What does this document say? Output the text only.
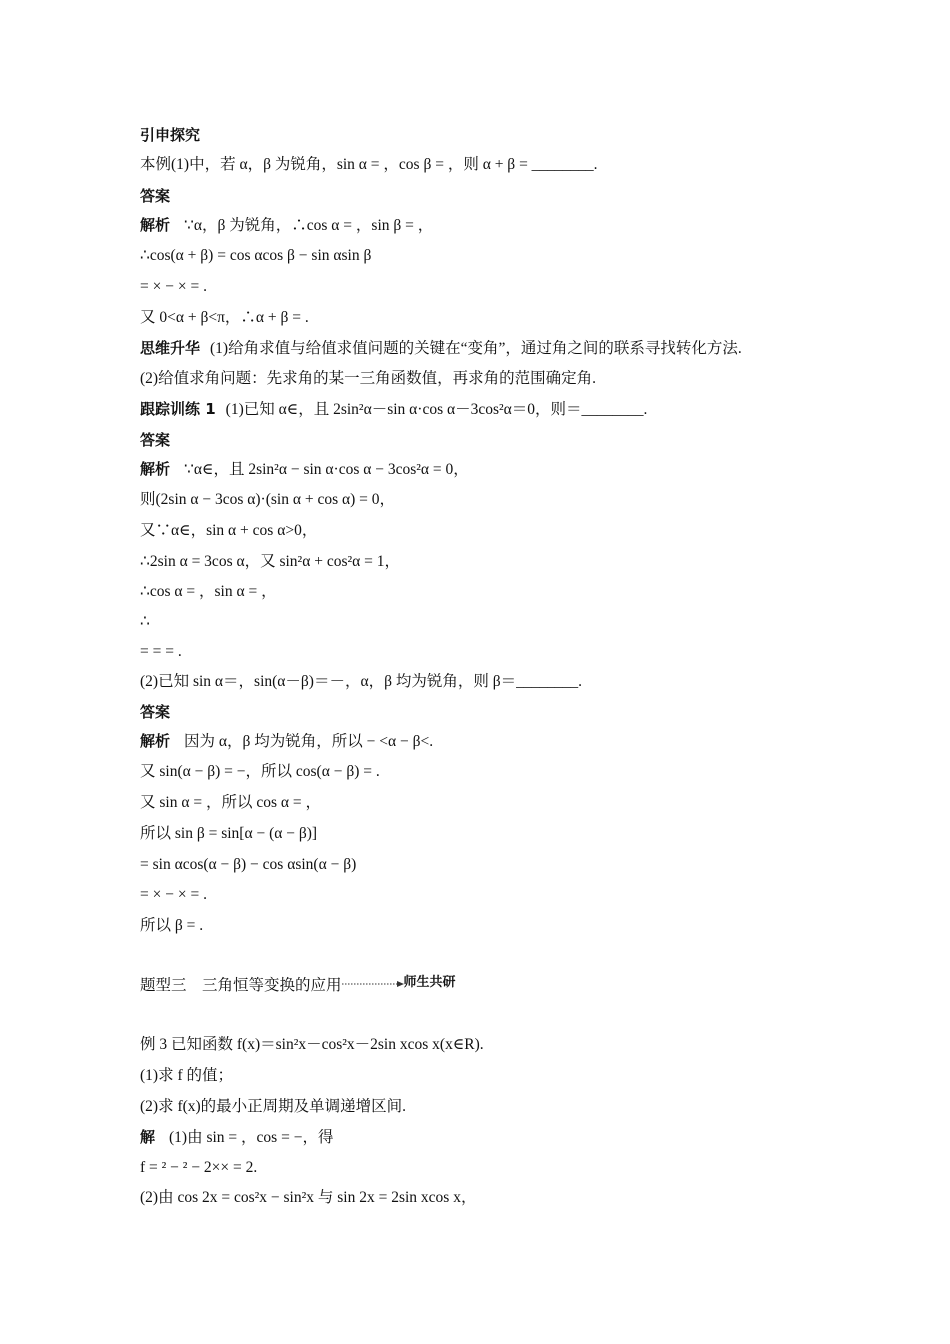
引申探究
本例(1)中，若 α，β 为锐角，sin α = ，cos β = ，则 α + β = ________.
答案
解析 ∵α，β 为锐角，∴cos α = ，sin β = ，
∴cos(α + β) = cos αcos β − sin αsin β
= × − × = .
又 0<α + β<π，∴α + β = .
思维升华 (1)给角求值与给值求值问题的关键在“变角”，通过角之间的联系寻找转化方法.
(2)给值求角问题：先求角的某一三角函数值，再求角的范围确定角.
跟踪训练 1 (1)已知 α∈，且 2sin²α－sin α·cos α－3cos²α＝0，则＝________.
答案
解析 ∵α∈，且 2sin²α − sin α·cos α − 3cos²α = 0，
则(2sin α − 3cos α)·(sin α + cos α) = 0，
又∵α∈，sin α + cos α>0，
∴2sin α = 3cos α，又 sin²α + cos²α = 1，
∴cos α = ，sin α = ，
∴
= = = .
(2)已知 sin α＝，sin(α－β)＝－，α，β 均为锐角，则 β＝________.
答案
解析 因为 α，β 均为锐角，所以 − <α − β<.
又 sin(α − β) = −，所以 cos(α − β) = .
又 sin α = ，所以 cos α = ，
所以 sin β = sin[α − (α − β)]
= sin αcos(α − β) − cos αsin(α − β)
= × − × = .
所以 β = .
题型三　三角恒等变换的应用	$^{师生共研}$
例 3 已知函数 f(x)＝sin²x－cos²x－2sin xcos x(x∈R).
(1)求 f 的值；
(2)求 f(x)的最小正周期及单调递增区间.
解 (1)由 sin = ，cos = −，得
f = ² − ² − 2×× = 2.
(2)由 cos 2x = cos²x − sin²x 与 sin 2x = 2sin xcos x，
